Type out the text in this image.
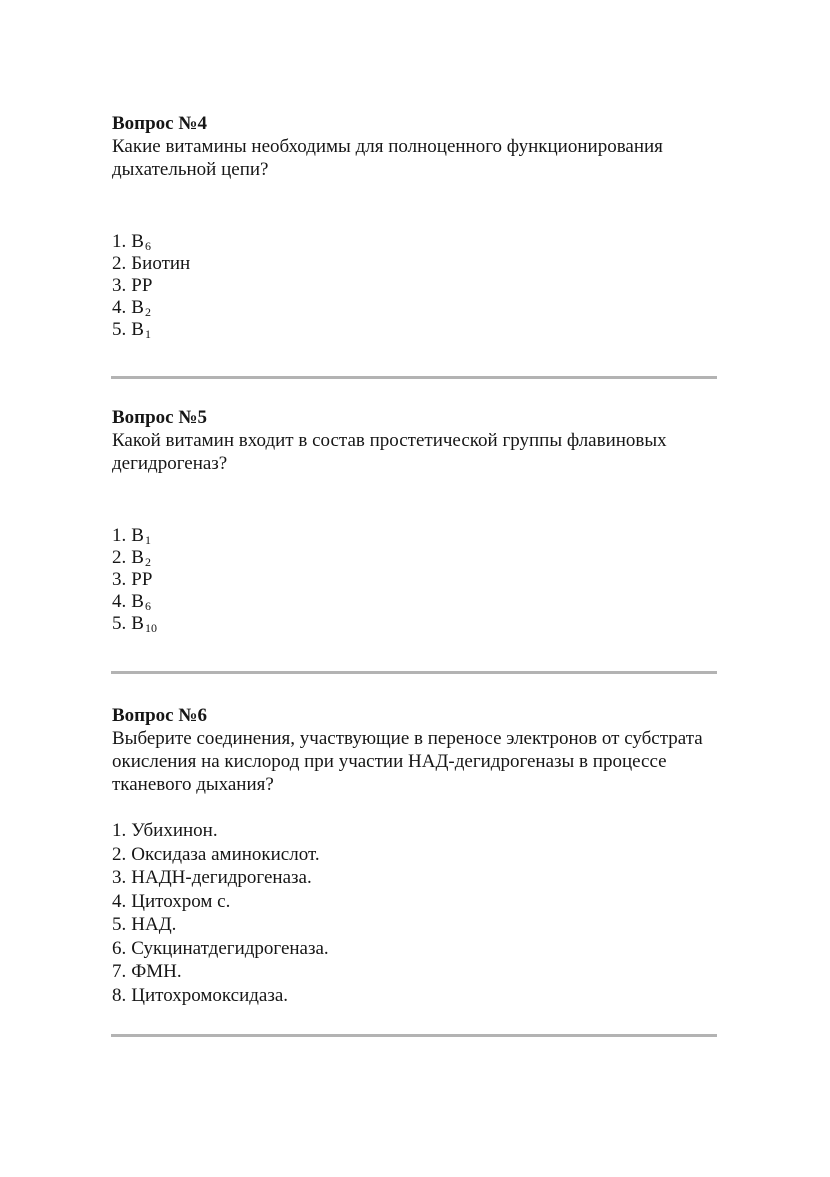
Вопрос №4

Какие витамины необходимы для полноценного функционирования дыхательной цепи?

1. $B_6$
2. Биотин
3. PP
4. $B_2$
5. $B_1$

Вопрос №5

Какой витамин входит в состав простетической группы флавиновых дегидрогеназ?

1. $B_1$
2. $B_2$
3. PP
4. $B_6$
5. $B_{10}$

Вопрос №6

Выберите соединения, участвующие в переносе электронов от субстрата окисления на кислород при участии НАД-дегидрогеназы в процессе тканевого дыхания?

1. Убихинон.
2. Оксидаза аминокислот.
3. НАДН-дегидрогеназа.
4. Цитохром с.
5. НАД.
6. Сукцинатдегидрогеназа.
7. ФМН.
8. Цитохромоксидаза.
